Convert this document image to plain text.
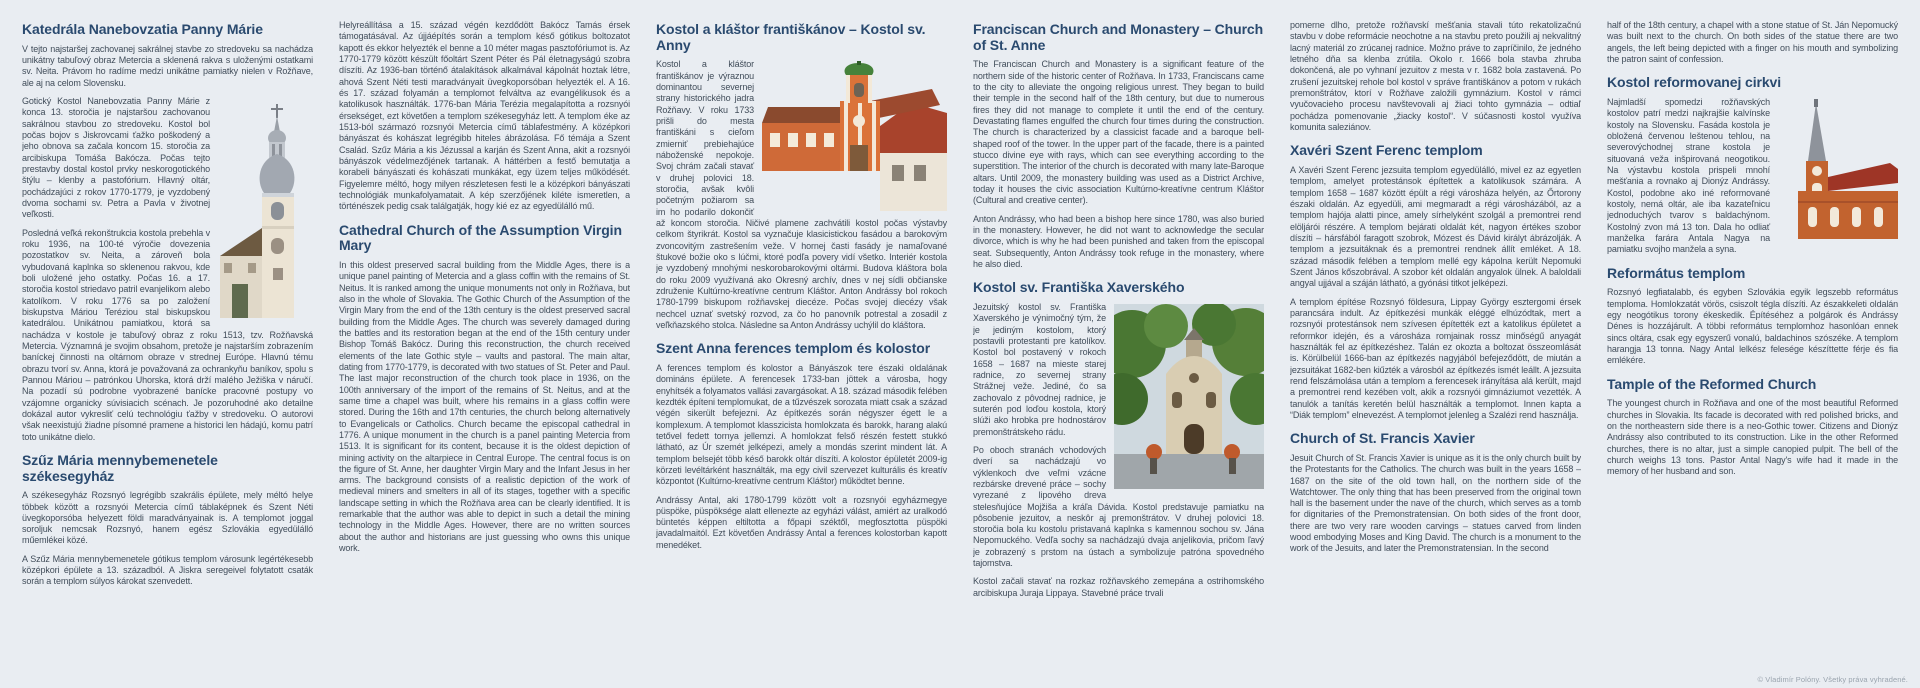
Katedrála Nanebovzatia Panny Márie

V tejto najstaršej zachovanej sakrálnej stavbe zo stredoveku sa nachádza unikátny tabuľový obraz Metercia a sklenená rakva s uloženými ostatkami sv. Neita. Právom ho radíme medzi unikátne pamiatky nielen v Rožňave, ale aj na celom Slovensku.

Gotický Kostol Nanebovzatia Panny Márie z konca 13. storočia je najstaršou zachovanou sakrálnou stavbou zo stredoveku. Kostol bol počas bojov s Jiskrovcami ťažko poškodený a jeho obnova sa začala koncom 15. storočia za arcibiskupa Tomáša Bakócza. Počas tejto prestavby dostal kostol prvky neskorogotického štýlu – klenby a pastofórium. Hlavný oltár, pochádzajúci z rokov 1770-1779, je vyzdobený dvoma sochami sv. Petra a Pavla v životnej veľkosti.

Posledná veľká rekonštrukcia kostola prebehla v roku 1936, na 100-té výročie dovezenia pozostatkov sv. Neita, a zároveň bola vybudovaná kaplnka so sklenenou rakvou, kde boli uložené jeho ostatky. Počas 16. a 17. storočia kostol striedavo patril evanjelikom alebo katolíkom. V roku 1776 sa po založení biskupstva Máriou Teréziou stal biskupskou katedrálou. Unikátnou pamiatkou, ktorá sa nachádza v kostole je tabuľový obraz z roku 1513, tzv. Rožňavská Metercia. Významná je svojim obsahom, pretože je najstarším zobrazením baníckej činnosti na oltárnom obraze v strednej Európe. Hlavnú tému obrazu tvorí sv. Anna, ktorá je považovaná za ochrankyňu baníkov, spolu s Pannou Máriou – patrónkou Uhorska, ktorá drží malého Ježiška v náručí. Na pozadí sú podrobne vyobrazené banícke pracovné postupy vo vzájomne organicky súvisiacich scénach. Je pozoruhodné ako detailne dokázal autor vykresliť celú technológiu ťažby v stredoveku. O autorovi však neexistujú žiadne písomné pramene a historici len hádajú, komu patrí toto unikátne dielo.

Szűz Mária mennybemenetele székesegyház

A székesegyház Rozsnyó legrégibb szakrális épülete, mely méltó helye többek között a rozsnyói Metercia című táblaképnek és Szent Néti üvegkoporsóba helyezett földi maradványainak is. A templomot joggal soroljuk nemcsak Rozsnyó, hanem egész Szlovákia egyedülálló műemlékei közé.

A Szűz Mária mennybemenetele gótikus templom városunk legértékesebb középkori épülete a 13. századból. A Jiskra seregeivel folytatott csaták során a templom súlyos károkat szenvedett.

Helyreállítása a 15. század végén kezdődött Bakócz Tamás érsek támogatásával. Az újjáépítés során a templom késő gótikus boltozatot kapott és ekkor helyezték el benne a 10 méter magas pasztofóriumot is. Az 1770-1779 között készült főoltárt Szent Péter és Pál életnagyságú szobra díszíti. Az 1936-ban történő átalakítások alkalmával kápolnát hoztak létre, ahová Szent Néti testi maradványait üvegkoporsóban helyezték el. A 16. és 17. század folyamán a templomot felváltva az evangélikusok és a katolikusok használták. 1776-ban Mária Terézia megalapította a rozsnyói érsekséget, ezt követően a templom székesegyház lett. A templom éke az 1513-ból származó rozsnyói Metercia című táblafestmény. A középkori bányászat és kohászat legrégibb hiteles ábrázolása. Fő témája a Szent Család. Szűz Mária a kis Jézussal a karján és Szent Anna, akit a rozsnyói bányászok védelmezőjének tartanak. A háttérben a festő bemutatja a korabeli bányászati és kohászati munkákat, egy üzem teljes működését. Figyelemre méltó, hogy milyen részletesen festi le a középkori bányászati technológiák munkafolyamatait. A kép szerzőjének kiléte ismeretlen, a történészek pedig csak találgatják, hogy kié ez az egyedülálló mű.

Cathedral Church of the Assumption Virgin Mary

In this oldest preserved sacral building from the Middle Ages, there is a unique panel painting of Metercia and a glass coffin with the remains of St. Neitus. It is ranked among the unique monuments not only in Rožňava, but also in the whole of Slovakia. The Gothic Church of the Assumption of the Virgin Mary from the end of the 13th century is the oldest preserved sacral building from the Middle Ages. The church was severely damaged during the battles and its restoration began at the end of the 15th century under Bishop Tomáš Bakócz. During this reconstruction, the church received elements of the late Gothic style – vaults and pastoral. The main altar, dating from 1770-1779, is decorated with two statues of St. Peter and Paul. The last major reconstruction of the church took place in 1936, on the 100th anniversary of the import of the remains of St. Neitus, and at the same time a chapel was built, where his remains in a glass coffin were stored. During the 16th and 17th centuries, the church belong alternatively to Evangelicals or Catholics. Church became the episcopal cathedral in 1776. A unique monument in the church is a panel painting Metercia from 1513. It is significant for its content, because it is the oldest depiction of mining activity on the altarpiece in Central Europe. The central focus is on the figure of St. Anne, her daughter Virgin Mary and the Infant Jesus in her arms. The background consists of a realistic depiction of the work of medieval miners and smelters in all of its stages, together with a specific landscape setting in which the Rožňava area can be clearly identified. It is remarkable that the author was able to depict in such a detail the mining technology in the Middle Ages. However, there are no written sources about the author and historians are just guessing who owns this unique work.

Kostol a kláštor františkánov – Kostol sv. Anny

Kostol a kláštor františkánov je výraznou dominantou severnej strany historického jadra Rožňavy. V roku 1733 prišli do mesta františkáni s cieľom zmierniť prebiehajúce náboženské nepokoje. Svoj chrám začali stavať v druhej polovici 18. storočia, avšak kvôli početným požiarom sa im ho podarilo dokončiť až koncom storočia. Ničivé plamene zachvátili kostol počas výstavby celkom štyrikrát. Kostol sa vyznačuje klasicistickou fasádou a barokovým zvoncovitým zastrešením veže. V hornej časti fasády je namaľované štukové božie oko s lúčmi, ktoré podľa povery vidí všetko. Interiér kostola je vyzdobený mnohými neskorobarokovými oltármi. Budova kláštora bola do roku 2009 využívaná ako Okresný archív, dnes v nej sídli občianske združenie Kultúrno-kreatívne centrum Kláštor. Anton Andrássy bol rokoch 1780-1799 biskupom rožňavskej diecéze. Počas svojej diecézy však nechcel uznať svetský rozvod, za čo ho panovník potrestal a zosadil z veľkňazského stolca. Následne sa Anton Andrássy uchýlil do kláštora.

Szent Anna ferences templom és kolostor

A ferences templom és kolostor a Bányászok tere északi oldalának domináns épülete. A ferencesek 1733-ban jöttek a városba, hogy enyhítsék a folyamatos vallási zavargásokat. A 18. század második felében kezdték építeni templomukat, de a tűzvészek sorozata miatt csak a század végén sikerült befejezni. Az építkezés során négyszer égett le a komplexum. A templomot klasszicista homlokzata és barokk, harang alakú tetővel fedett tornya jellemzi. A homlokzat felső részén festett stukkó látható, az Úr szemét jelképezi, amely a mondás szerint mindent lát. A templom belsejét több késő barokk oltár díszíti. A kolostor épületét 2009-ig körzeti levéltárként használták, ma egy civil szervezet kulturális és kreatív központot (Kultúrno-kreatívne centrum Kláštor) működtet benne.

Andrássy Antal, aki 1780-1799 között volt a rozsnyói egyházmegye püspöke, püspöksége alatt ellenezte az egyházi válást, amiért az uralkodó büntetés képpen eltiltotta a főpapi széktől, megfosztotta püspöki javadalmaitól. Ezt követően Andrássy Antal a ferences kolostorban kapott menedéket.

Franciscan Church and Monastery – Church of St. Anne

The Franciscan Church and Monastery is a significant feature of the northern side of the historic center of Rožňava. In 1733, Franciscans came to the city to alleviate the ongoing religious unrest. They began to build their temple in the second half of the 18th century, but due to numerous fires they did not manage to complete it until the end of the century. Devastating flames engulfed the church four times during the construction. The church is characterized by a classicist facade and a baroque bell-shaped roof of the tower. In the upper part of the facade, there is a painted stucco divine eye with rays, which can see everything according to the superstition. The interior of the church is decorated with many late-Baroque altars. Until 2009, the monastery building was used as a District Archive, today it houses the civic association Kultúrno-kreatívne centrum Kláštor (Cultural and creative center).

Anton Andrássy, who had been a bishop here since 1780, was also buried in the monastery. However, he did not want to acknowledge the secular divorce, which is why he had been punished and taken from the episcopal seat. Subsequently, Anton Andrássy took refuge in the monastery, where he also died.

Kostol sv. Františka Xaverského

Jezuitský kostol sv. Františka Xaverského je výnimočný tým, že je jediným kostolom, ktorý postavili protestanti pre katolíkov. Kostol bol postavený v rokoch 1658 – 1687 na mieste starej radnice, zo severnej strany Strážnej veže. Jediné, čo sa zachovalo z pôvodnej radnice, je suterén pod loďou kostola, ktorý slúži ako hrobka pre hodnostárov premonštrátskeho rádu.

Po oboch stranách vchodových dverí sa nachádzajú vo výklenkoch dve veľmi vzácne rezbárske drevené práce – sochy vyrezané z lipového dreva stelesňujúce Mojžiša a kráľa Dávida. Kostol predstavuje pamiatku na pôsobenie jezuitov, a neskôr aj premonštrátov. V druhej polovici 18. storočia bola ku kostolu pristavaná kaplnka s kamennou sochou sv. Jána Nepomuckého. Vedľa sochy sa nachádzajú dvaja anjelikovia, pričom ľavý je zobrazený s prstom na ústach a symbolizuje patróna spovedného tajomstva.

Kostol začali stavať na rozkaz rožňavského zemepána a ostrihomského arcibiskupa Juraja Lippaya. Stavebné práce trvali

pomerne dlho, pretože rožňavskí mešťania stavali túto rekatolizačnú stavbu v dobe reformácie neochotne a na stavbu preto použili aj nekvalitný lacný materiál zo zrúcanej radnice. Možno práve to zapríčinilo, že jedného letného dňa sa klenba zrútila. Okolo r. 1666 bola stavba zhruba dokončená, ale po vyhnaní jezuitov z mesta v r. 1682 bola zastavená. Po zrušení jezuitskej rehole bol kostol v správe františkánov a potom v rukách premonštrátov, ktorí v Rožňave založili gymnázium. Kostol v rámci vyučovacieho procesu navštevovali aj žiaci tohto gymnázia – odtiaľ pochádza pomenovanie „žiacky kostol“. V súčasnosti kostol využíva komunita saleziánov.

Xavéri Szent Ferenc templom

A Xavéri Szent Ferenc jezsuita templom egyedülálló, mivel ez az egyetlen templom, amelyet protestánsok építettek a katolikusok számára. A templom 1658 – 1687 között épült a régi városháza helyén, az Őrtorony északi oldalán. Az egyedüli, ami megmaradt a régi városházából, az a templom hajója alatti pince, amely sírhelyként szolgál a premontrei rend elöljárói részére. A templom bejárati oldalát két, nagyon értékes szobor díszíti – hársfából faragott szobrok, Mózest és Dávid királyt ábrázolják. A templom a jezsuitáknak és a premontrei rendnek állít emléket. A 18. század második felében a templom mellé egy kápolna került Nepomuki Szent János kőszobrával. A szobor két oldalán angyalok ülnek. A baloldali angyal ujjával a száján látható, a gyónási titkot jelképezi.

A templom építése Rozsnyó földesura, Lippay György esztergomi érsek parancsára indult. Az építkezési munkák eléggé elhúzódtak, mert a rozsnyói protestánsok nem szívesen építették ezt a katolikus épületet a reformkor idején, és a városháza romjainak rossz minőségű anyagát használták fel az építkezéshez. Talán ez okozta a boltozat összeomlását is. Körülbelül 1666-ban az építkezés nagyjából befejeződött, de miután a jezsuitákat 1682-ben kiűzték a városból az építkezés ismét leállt. A jezsuita rend felszámolása után a templom a ferencesek irányítása alá került, majd a premontrei rend kezében volt, akik a rozsnyói gimnáziumot vezették. A tanulók a tanítás keretén belül használták a templomot. Innen kapta a “Diák templom” elnevezést. A templomot jelenleg a Szalézi rend használja.

Church of St. Francis Xavier

Jesuit Church of St. Francis Xavier is unique as it is the only church built by the Protestants for the Catholics. The church was built in the years 1658 – 1687 on the site of the old town hall, on the northern side of the Watchtower. The only thing that has been preserved from the original town hall is the basement under the nave of the church, which serves as a tomb for dignitaries of the Premonstratensian. On both sides of the front door, there are two very rare wooden carvings – statues carved from linden wood embodying Moses and King David. The church is a monument to the work of the Jesuits, and later the Premonstratensian. In the second

half of the 18th century, a chapel with a stone statue of St. Ján Nepomucký was built next to the church. On both sides of the statue there are two angels, the left being depicted with a finger on his mouth and symbolizing the patron saint of confession.

Kostol reformovanej cirkvi

Najmladší spomedzi rožňavských kostolov patrí medzi najkrajšie kalvínske kostoly na Slovensku. Fasáda kostola je obložená červenou leštenou tehlou, na severovýchodnej strane kostola je situovaná veža inšpirovaná neogotikou. Na výstavbu kostola prispeli mnohí mešťania a rovnako aj Dionýz Andrássy. Kostol, podobne ako iné reformované kostoly, nemá oltár, ale iba kazateľnicu jednoduchých tvarov s baldachýnom. Kostolný zvon má 13 ton. Dala ho odliať manželka farára Antala Nagya na pamiatku svojho manžela a syna.

Református templom

Rozsnyó legfiatalabb, és egyben Szlovákia egyik legszebb református temploma. Homlokzatát vörös, csiszolt tégla díszíti. Az északkeleti oldalán egy neogótikus torony ékeskedik. Építéséhez a polgárok és Andrássy Dénes is hozzájárult. A többi református templomhoz hasonlóan ennek sincs oltára, csak egy egyszerű vonalú, baldachinos szószéke. A templom harangja 13 tonna. Nagy Antal lelkész felesége készíttette férje és fia emlékére.

Tample of the Reformed Church

The youngest church in Rožňava and one of the most beautiful Reformed churches in Slovakia. Its facade is decorated with red polished bricks, and on the northeastern side there is a neo-Gothic tower. Citizens and Dionýz Andrássy also contributed to its construction. Like in the other Reformed churches, there is no altar, just a simple canopied pulpit. The bell of the church weighs 13 tons. Pastor Antal Nagy's wife had it made in the memory of her husband and son.

© Vladimír Polóny. Všetky práva vyhradené.
